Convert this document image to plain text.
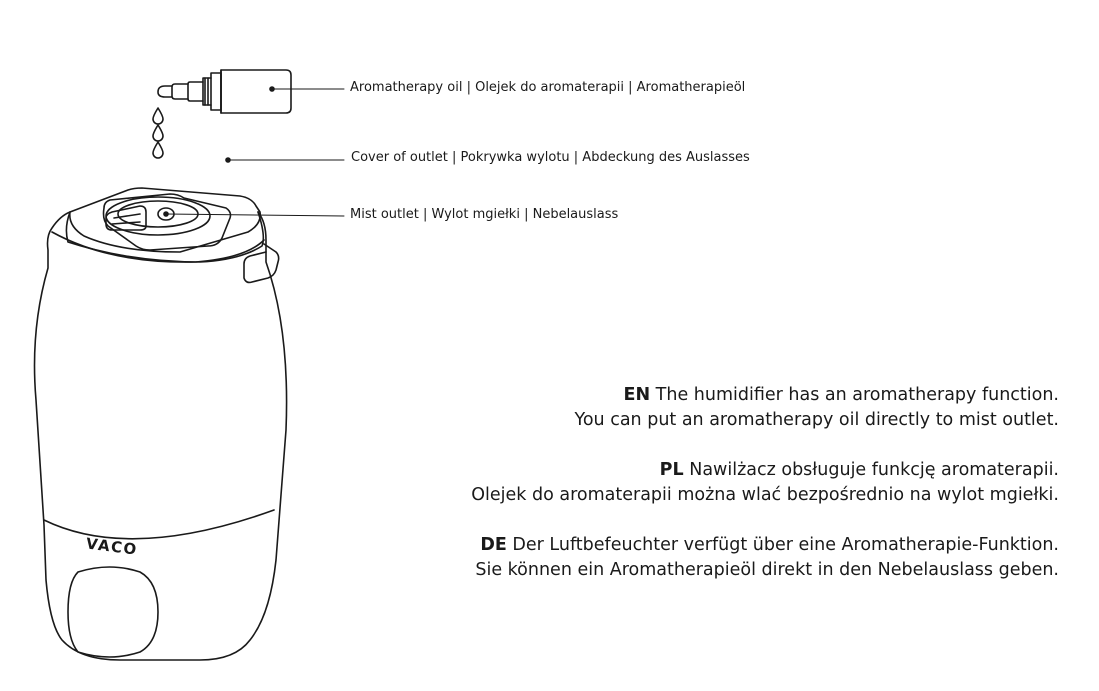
VACO
Aromatherapy oil | Olejek do aromaterapii | Aromatherapieöl
Cover of outlet | Pokrywka wylotu | Abdeckung des Auslasses
Mist outlet | Wylot mgiełki | Nebelauslass
EN The humidifier has an aromatherapy function.
You can put an aromatherapy oil directly to mist outlet.
PL Nawilżacz obsługuje funkcję aromaterapii.
Olejek do aromaterapii można wlać bezpośrednio na wylot mgiełki.
DE Der Luftbefeuchter verfügt über eine Aromatherapie-Funktion.
Sie können ein Aromatherapieöl direkt in den Nebelauslass geben.
